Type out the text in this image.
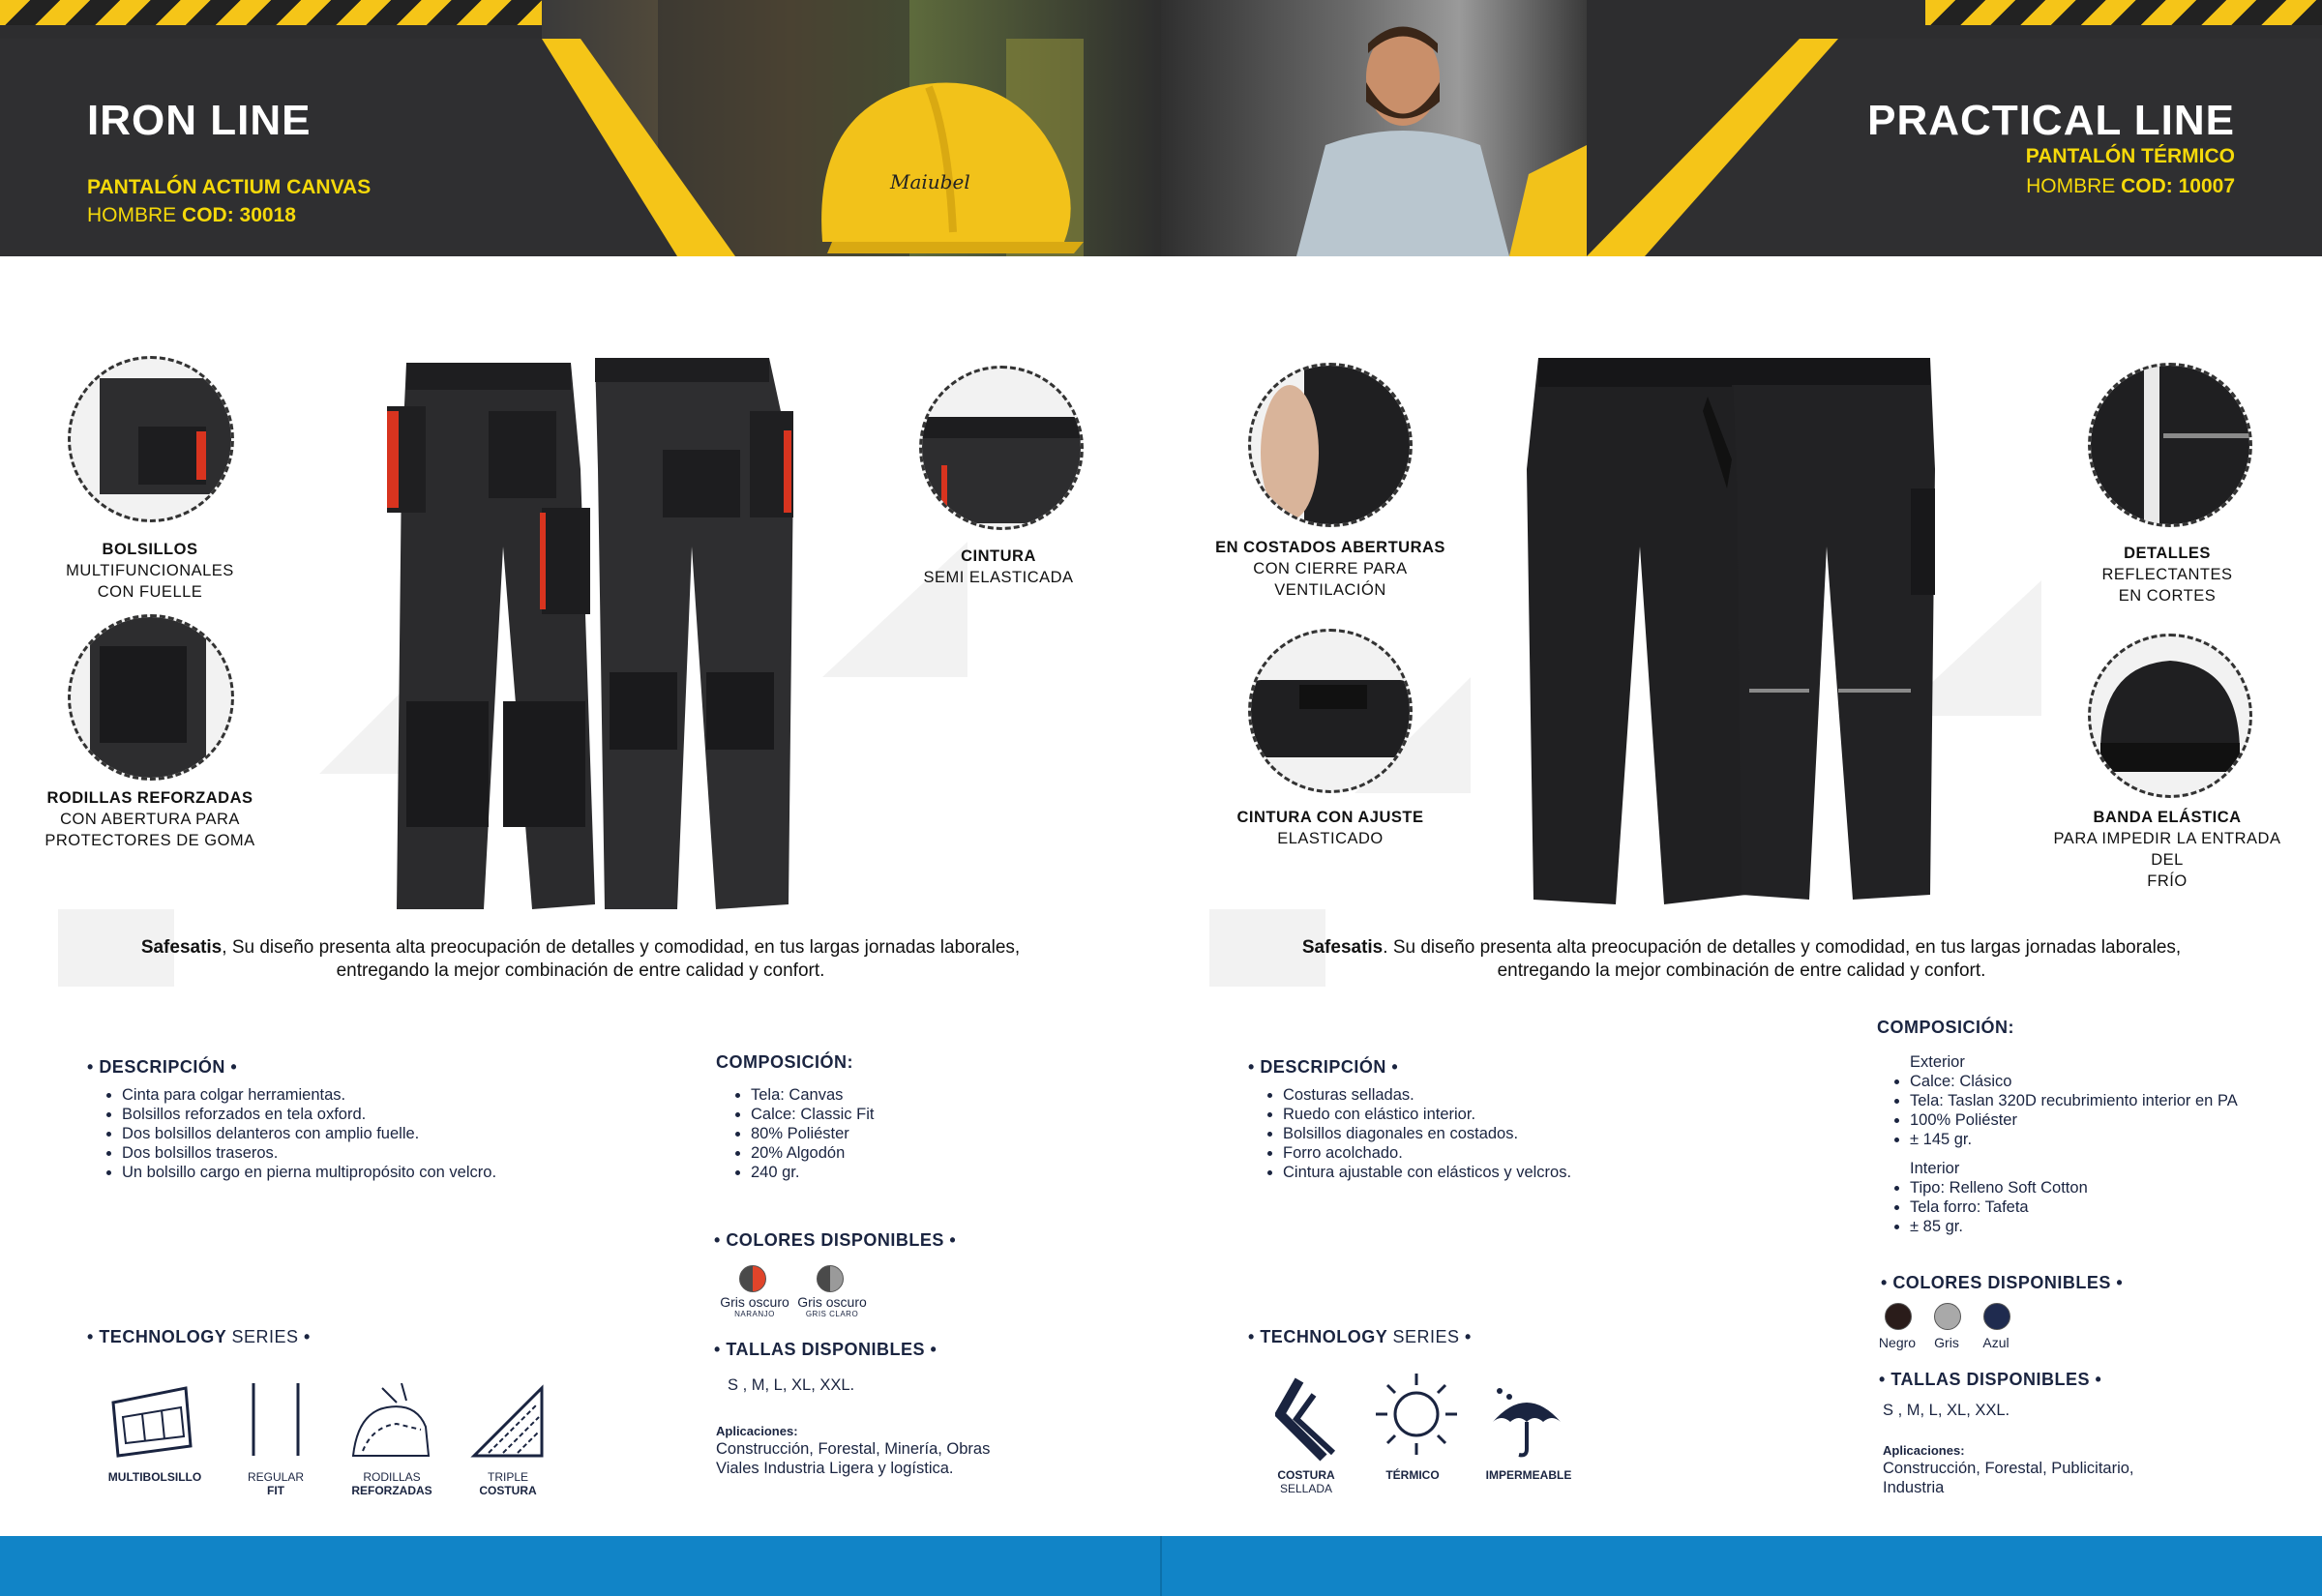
Maiubel
IRON LINE
PANTALÓN ACTIUM CANVAS
HOMBRE COD: 30018
PRACTICAL LINE
PANTALÓN TÉRMICO
HOMBRE COD: 10007
BOLSILLOS
MULTIFUNCIONALES
CON FUELLE
RODILLAS REFORZADAS
CON ABERTURA PARA
PROTECTORES DE GOMA
CINTURA
SEMI ELASTICADA
EN COSTADOS ABERTURAS
CON CIERRE PARA VENTILACIÓN
CINTURA CON AJUSTE
ELASTICADO
DETALLES
REFLECTANTES
EN CORTES
BANDA ELÁSTICA
PARA IMPEDIR LA ENTRADA DEL
FRÍO
Safesatis, Su diseño presenta alta preocupación de detalles y comodidad, en tus largas jornadas laborales,
entregando la mejor combinación de entre calidad y confort.
Safesatis. Su diseño presenta alta preocupación de detalles y comodidad, en tus largas jornadas laborales,
entregando la mejor combinación de entre calidad y confort.
• DESCRIPCIÓN •
• Cinta para colgar herramientas.
• Bolsillos reforzados en tela oxford.
• Dos bolsillos delanteros con amplio fuelle.
• Dos bolsillos traseros.
• Un bolsillo cargo en pierna multipropósito con velcro.
COMPOSICIÓN:
• Tela: Canvas
• Calce: Classic Fit
• 80% Poliéster
• 20% Algodón
• 240 gr.
• COLORES DISPONIBLES •
Gris oscuro
NARANJO
Gris oscuro
GRIS CLARO
• TALLAS DISPONIBLES •
S , M, L, XL, XXL.
Aplicaciones:
Construcción, Forestal, Minería, Obras
Viales Industria Ligera y logística.
• TECHNOLOGY SERIES •
MULTIBOLSILLO	REGULAR
FIT
RODILLAS
REFORZADAS
TRIPLE
COSTURA
• DESCRIPCIÓN •
• Costuras selladas.
• Ruedo con elástico interior.
• Bolsillos diagonales en costados.
• Forro acolchado.
• Cintura ajustable con elásticos y velcros.
COMPOSICIÓN:
Exterior
• Calce: Clásico
• Tela: Taslan 320D recubrimiento interior en PA
• 100% Poliéster
• ± 145 gr.
Interior
• Tipo: Relleno Soft Cotton
• Tela forro: Tafeta
• ± 85 gr.
• COLORES DISPONIBLES •
Negro	Gris	Azul
• TALLAS DISPONIBLES •
S , M, L, XL, XXL.
Aplicaciones:
Construcción, Forestal, Publicitario,
Industria
• TECHNOLOGY SERIES •
COSTURA
SELLADA
TÉRMICO	IMPERMEABLE
